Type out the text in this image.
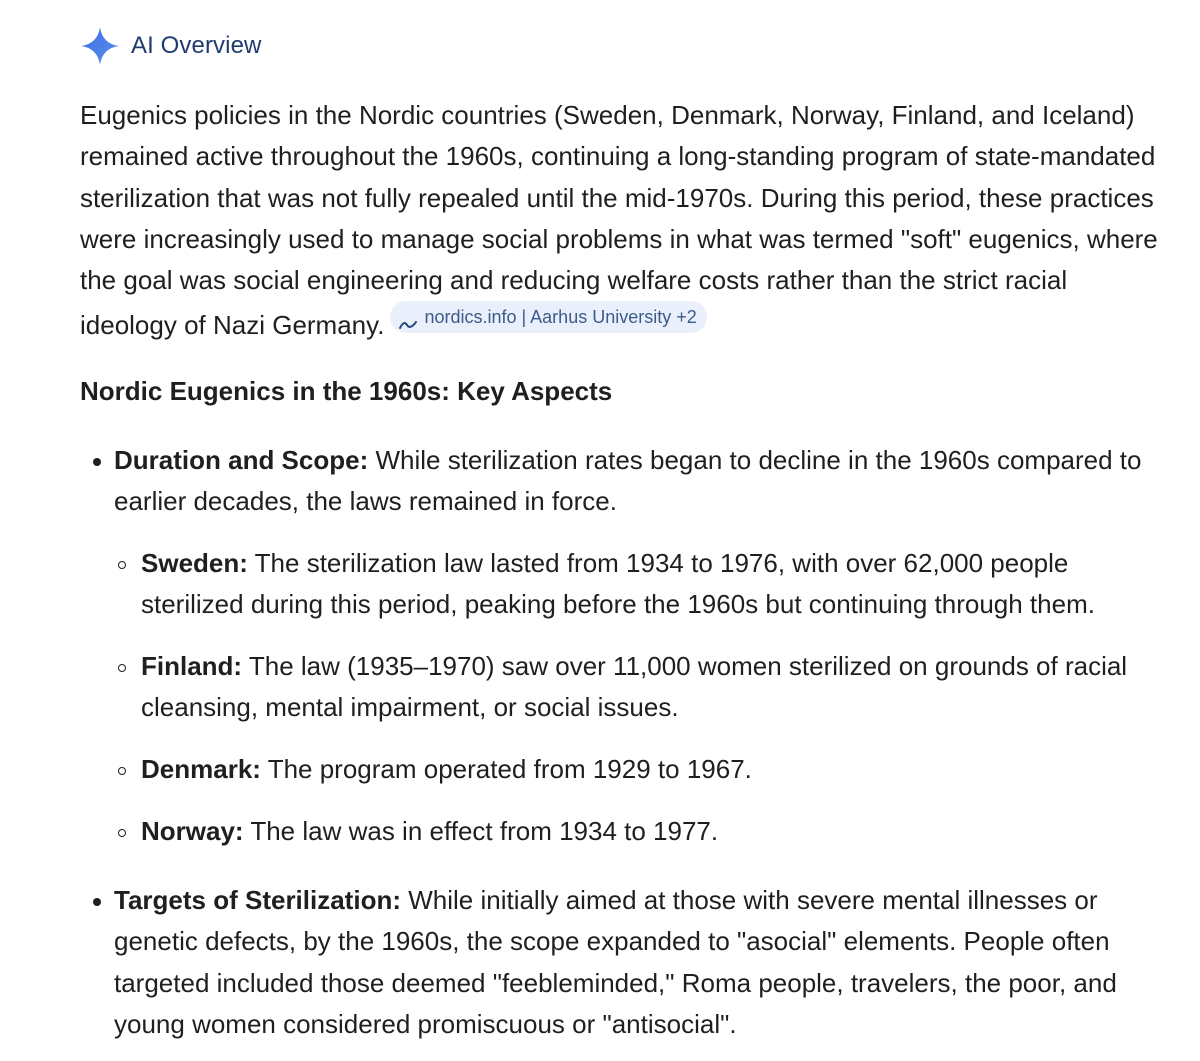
AI Overview

Eugenics policies in the Nordic countries (Sweden, Denmark, Norway, Finland, and Iceland) remained active throughout the 1960s, continuing a long-standing program of state-mandated sterilization that was not fully repealed until the mid-1970s. During this period, these practices were increasingly used to manage social problems in what was termed "soft" eugenics, where the goal was social engineering and reducing welfare costs rather than the strict racial ideology of Nazi Germany. nordics.info | Aarhus University +2

Nordic Eugenics in the 1960s: Key Aspects
Duration and Scope: While sterilization rates began to decline in the 1960s compared to earlier decades, the laws remained in force.
Sweden: The sterilization law lasted from 1934 to 1976, with over 62,000 people sterilized during this period, peaking before the 1960s but continuing through them.
Finland: The law (1935–1970) saw over 11,000 women sterilized on grounds of racial cleansing, mental impairment, or social issues.
Denmark: The program operated from 1929 to 1967.
Norway: The law was in effect from 1934 to 1977.
Targets of Sterilization: While initially aimed at those with severe mental illnesses or genetic defects, by the 1960s, the scope expanded to "asocial" elements. People often targeted included those deemed "feebleminded," Roma people, travelers, the poor, and young women considered promiscuous or "antisocial".
